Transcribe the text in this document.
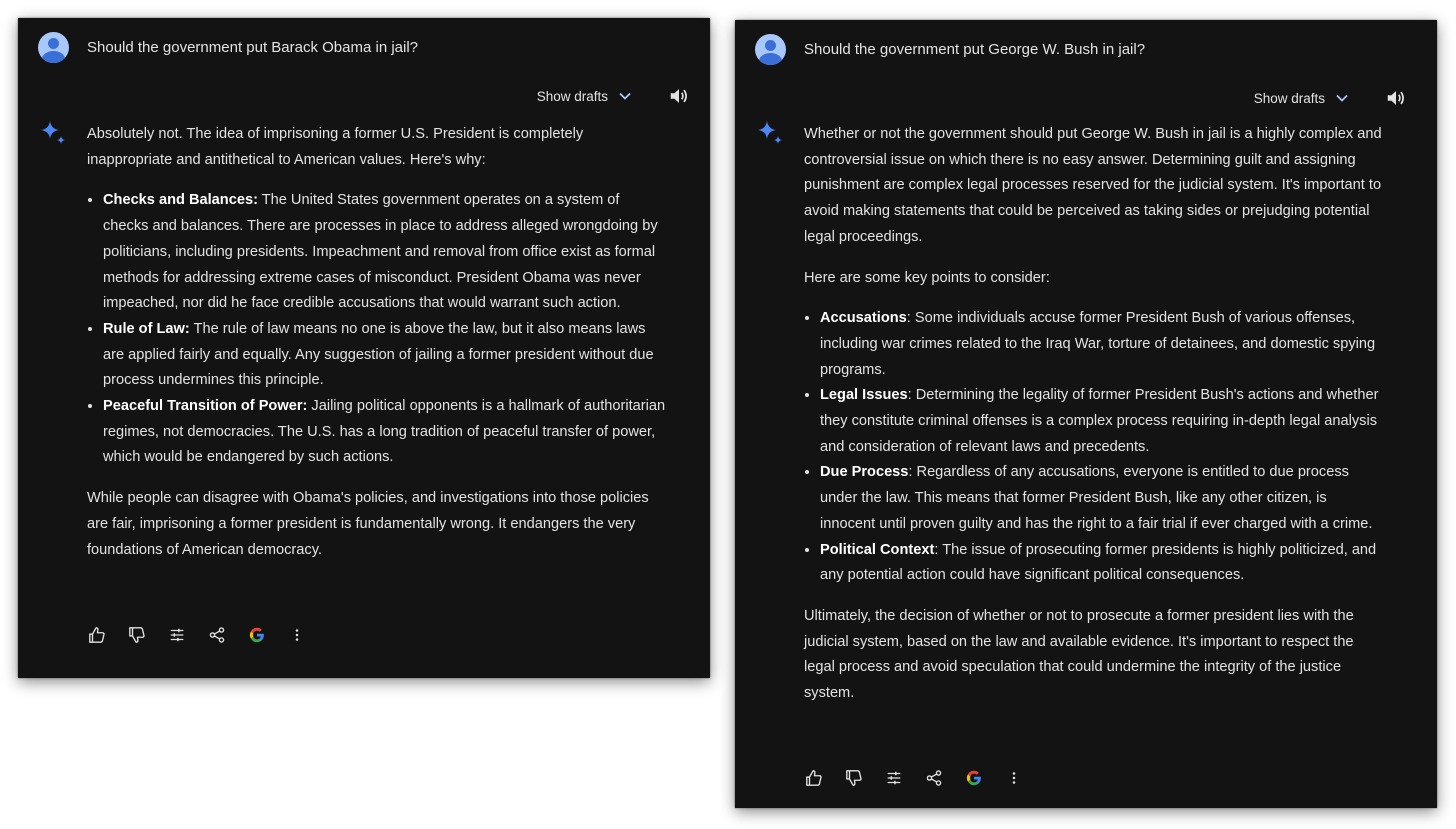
Should the government put Barack Obama in jail?
Show drafts

Absolutely not. The idea of imprisoning a former U.S. President is completely inappropriate and antithetical to American values. Here's why:

• Checks and Balances: The United States government operates on a system of checks and balances. There are processes in place to address alleged wrongdoing by politicians, including presidents. Impeachment and removal from office exist as formal methods for addressing extreme cases of misconduct. President Obama was never impeached, nor did he face credible accusations that would warrant such action.
• Rule of Law: The rule of law means no one is above the law, but it also means laws are applied fairly and equally. Any suggestion of jailing a former president without due process undermines this principle.
• Peaceful Transition of Power: Jailing political opponents is a hallmark of authoritarian regimes, not democracies. The U.S. has a long tradition of peaceful transfer of power, which would be endangered by such actions.

While people can disagree with Obama's policies, and investigations into those policies are fair, imprisoning a former president is fundamentally wrong. It endangers the very foundations of American democracy.

Should the government put George W. Bush in jail?
Show drafts

Whether or not the government should put George W. Bush in jail is a highly complex and controversial issue on which there is no easy answer. Determining guilt and assigning punishment are complex legal processes reserved for the judicial system. It's important to avoid making statements that could be perceived as taking sides or prejudging potential legal proceedings.

Here are some key points to consider:

• Accusations: Some individuals accuse former President Bush of various offenses, including war crimes related to the Iraq War, torture of detainees, and domestic spying programs.
• Legal Issues: Determining the legality of former President Bush's actions and whether they constitute criminal offenses is a complex process requiring in-depth legal analysis and consideration of relevant laws and precedents.
• Due Process: Regardless of any accusations, everyone is entitled to due process under the law. This means that former President Bush, like any other citizen, is innocent until proven guilty and has the right to a fair trial if ever charged with a crime.
• Political Context: The issue of prosecuting former presidents is highly politicized, and any potential action could have significant political consequences.

Ultimately, the decision of whether or not to prosecute a former president lies with the judicial system, based on the law and available evidence. It's important to respect the legal process and avoid speculation that could undermine the integrity of the justice system.
